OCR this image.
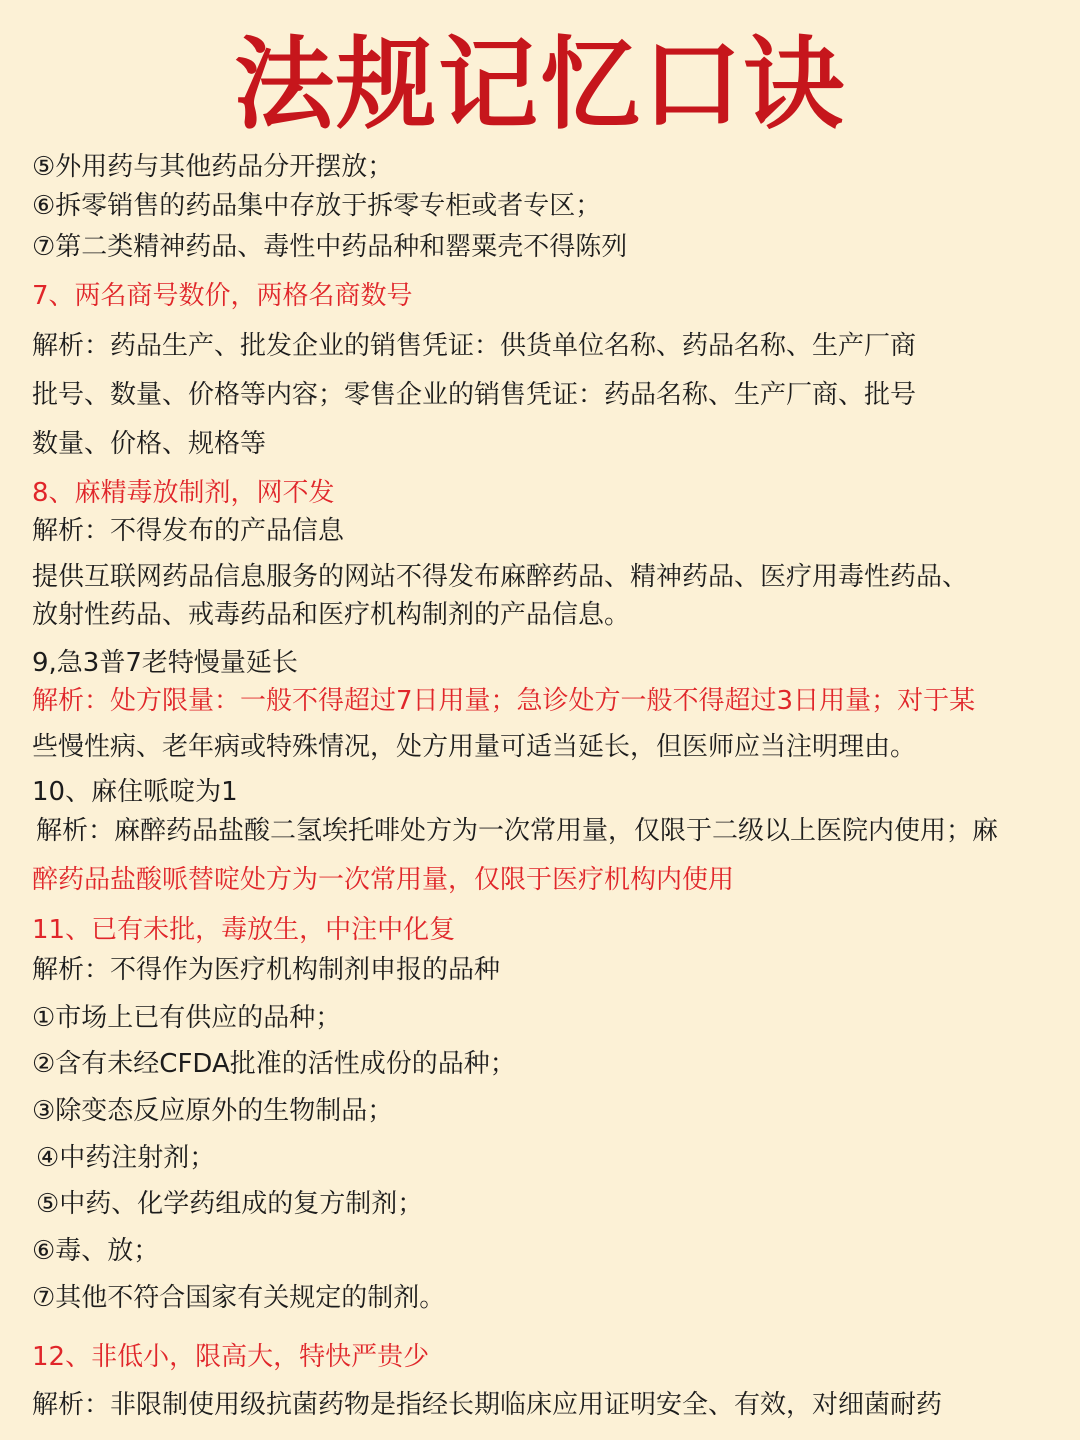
法规记忆口诀
⑤外用药与其他药品分开摆放；
⑥拆零销售的药品集中存放于拆零专柜或者专区；
⑦第二类精神药品、毒性中药品种和罂粟壳不得陈列
7、两名商号数价，两格名商数号
解析：药品生产、批发企业的销售凭证：供货单位名称、药品名称、生产厂商
批号、数量、价格等内容；零售企业的销售凭证：药品名称、生产厂商、批号
数量、价格、规格等
8、麻精毒放制剂，网不发
解析：不得发布的产品信息
提供互联网药品信息服务的网站不得发布麻醉药品、精神药品、医疗用毒性药品、
放射性药品、戒毒药品和医疗机构制剂的产品信息。
9,急3普7老特慢量延长
解析：处方限量：一般不得超过7日用量；急诊处方一般不得超过3日用量；对于某
些慢性病、老年病或特殊情况，处方用量可适当延长，但医师应当注明理由。
10、麻住哌啶为1
解析：麻醉药品盐酸二氢埃托啡处方为一次常用量，仅限于二级以上医院内使用；麻
醉药品盐酸哌替啶处方为一次常用量，仅限于医疗机构内使用
11、已有未批，毒放生，中注中化复
解析：不得作为医疗机构制剂申报的品种
①市场上已有供应的品种；
②含有未经CFDA批准的活性成份的品种；
③除变态反应原外的生物制品；
④中药注射剂；
⑤中药、化学药组成的复方制剂；
⑥毒、放；
⑦其他不符合国家有关规定的制剂。
12、非低小，限高大，特快严贵少
解析：非限制使用级抗菌药物是指经长期临床应用证明安全、有效，对细菌耐药
